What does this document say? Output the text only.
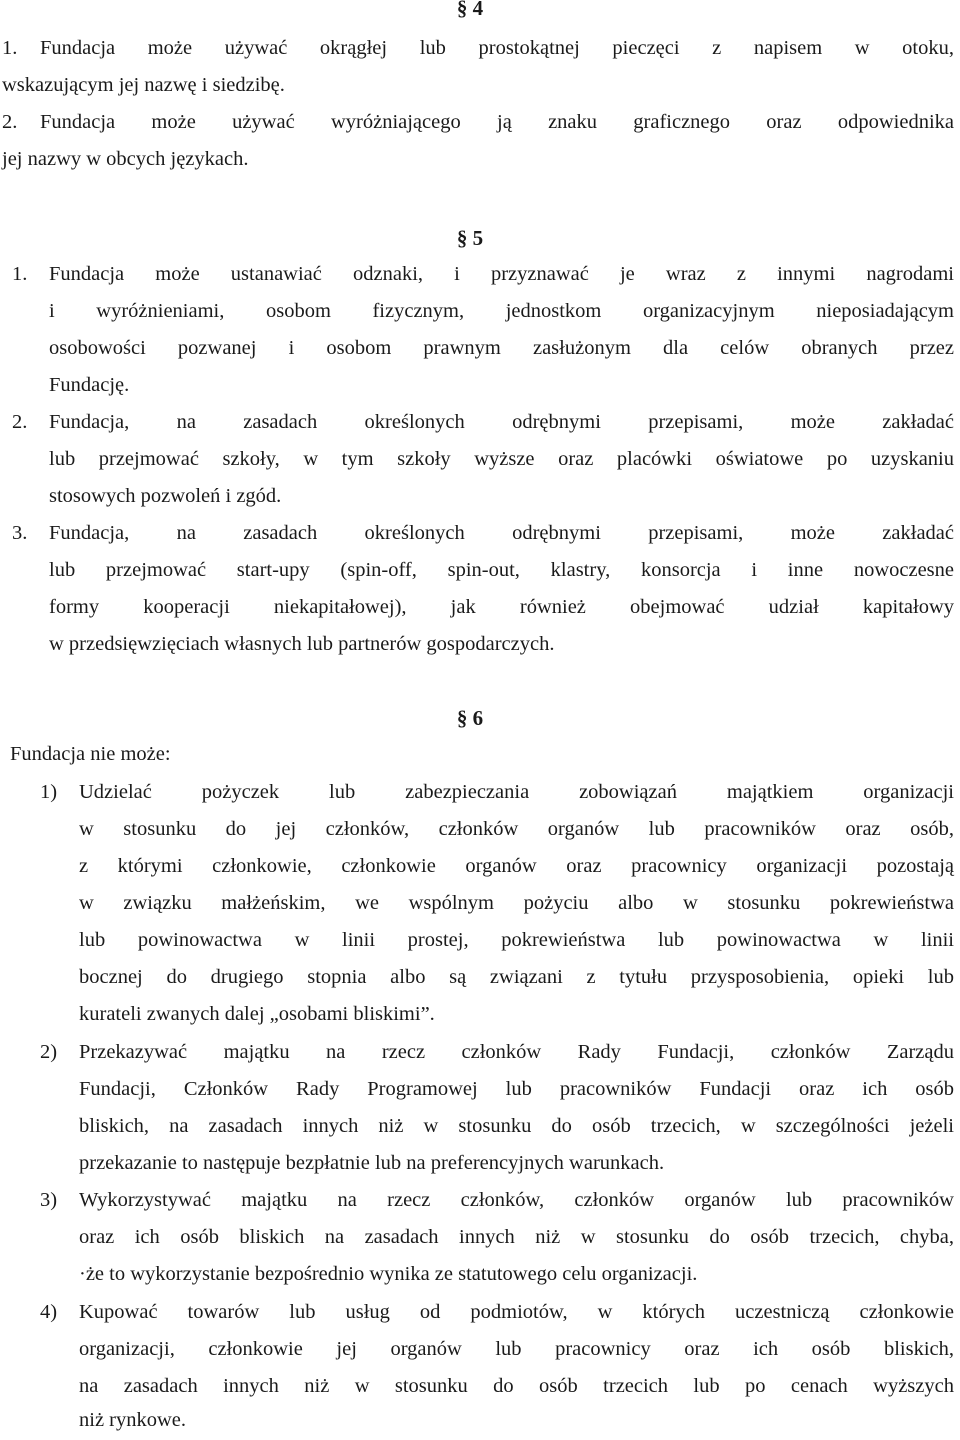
§ 4
1. Fundacja może używać okrągłej lub prostokątnej pieczęci z napisem w otoku,
wskazującym jej nazwę i siedzibę.
2. Fundacja może używać wyróżniającego ją znaku graficznego oraz odpowiednika
jej nazwy w obcych językach.
§ 5
1. Fundacja może ustanawiać odznaki, i przyznawać je wraz z innymi nagrodami
i wyróżnieniami, osobom fizycznym, jednostkom organizacyjnym nieposiadającym
osobowości pozwanej i osobom prawnym zasłużonym dla celów obranych przez
Fundację.
2. Fundacja, na zasadach określonych odrębnymi przepisami, może zakładać
lub przejmować szkoły, w tym szkoły wyższe oraz placówki oświatowe po uzyskaniu
stosowych pozwoleń i zgód.
3. Fundacja, na zasadach określonych odrębnymi przepisami, może zakładać
lub przejmować start-upy (spin-off, spin-out, klastry, konsorcja i inne nowoczesne
formy kooperacji niekapitałowej), jak również obejmować udział kapitałowy
w przedsięwzięciach własnych lub partnerów gospodarczych.
§ 6
Fundacja nie może:
1) Udzielać pożyczek lub zabezpieczania zobowiązań majątkiem organizacji
w stosunku do jej członków, członków organów lub pracowników oraz osób,
z którymi członkowie, członkowie organów oraz pracownicy organizacji pozostają
w związku małżeńskim, we wspólnym pożyciu albo w stosunku pokrewieństwa
lub powinowactwa w linii prostej, pokrewieństwa lub powinowactwa w linii
bocznej do drugiego stopnia albo są związani z tytułu przysposobienia, opieki lub
kurateli zwanych dalej „osobami bliskimi”.
2) Przekazywać majątku na rzecz członków Rady Fundacji, członków Zarządu
Fundacji, Członków Rady Programowej lub pracowników Fundacji oraz ich osób
bliskich, na zasadach innych niż w stosunku do osób trzecich, w szczególności jeżeli
przekazanie to następuje bezpłatnie lub na preferencyjnych warunkach.
3) Wykorzystywać majątku na rzecz członków, członków organów lub pracowników
oraz ich osób bliskich na zasadach innych niż w stosunku do osób trzecich, chyba,
·że to wykorzystanie bezpośrednio wynika ze statutowego celu organizacji.
4) Kupować towarów lub usług od podmiotów, w których uczestniczą członkowie
organizacji, członkowie jej organów lub pracownicy oraz ich osób bliskich,
na zasadach innych niż w stosunku do osób trzecich lub po cenach wyższych
niż rynkowe.
